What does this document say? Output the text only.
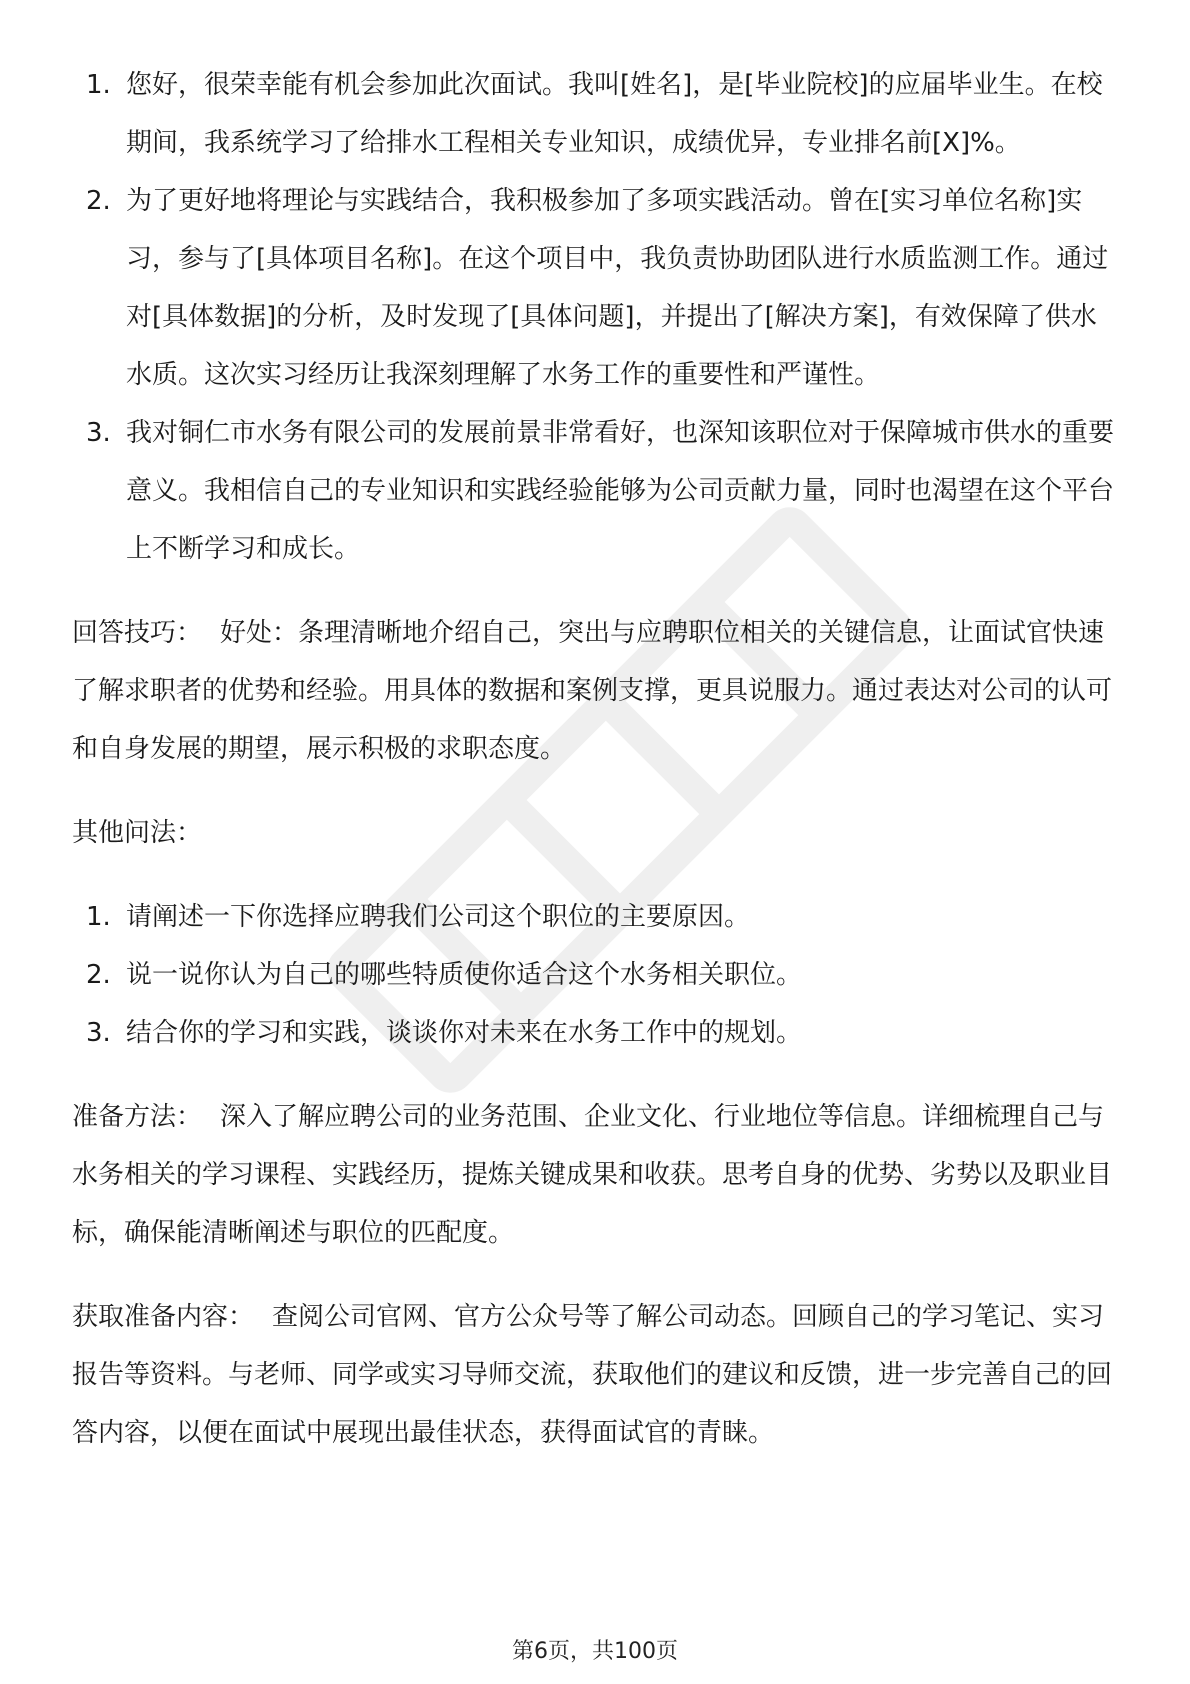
1. 您好，很荣幸能有机会参加此次面试。我叫[姓名]，是[毕业院校]的应届毕业生。在校期间，我系统学习了给排水工程相关专业知识，成绩优异，专业排名前[X]%。
2. 为了更好地将理论与实践结合，我积极参加了多项实践活动。曾在[实习单位名称]实习，参与了[具体项目名称]。在这个项目中，我负责协助团队进行水质监测工作。通过对[具体数据]的分析，及时发现了[具体问题]，并提出了[解决方案]，有效保障了供水水质。这次实习经历让我深刻理解了水务工作的重要性和严谨性。
3. 我对铜仁市水务有限公司的发展前景非常看好，也深知该职位对于保障城市供水的重要意义。我相信自己的专业知识和实践经验能够为公司贡献力量，同时也渴望在这个平台上不断学习和成长。

回答技巧： 好处：条理清晰地介绍自己，突出与应聘职位相关的关键信息，让面试官快速了解求职者的优势和经验。用具体的数据和案例支撑，更具说服力。通过表达对公司的认可和自身发展的期望，展示积极的求职态度。

其他问法：

1. 请阐述一下你选择应聘我们公司这个职位的主要原因。
2. 说一说你认为自己的哪些特质使你适合这个水务相关职位。
3. 结合你的学习和实践，谈谈你对未来在水务工作中的规划。

准备方法： 深入了解应聘公司的业务范围、企业文化、行业地位等信息。详细梳理自己与水务相关的学习课程、实践经历，提炼关键成果和收获。思考自身的优势、劣势以及职业目标，确保能清晰阐述与职位的匹配度。

获取准备内容： 查阅公司官网、官方公众号等了解公司动态。回顾自己的学习笔记、实习报告等资料。与老师、同学或实习导师交流，获取他们的建议和反馈，进一步完善自己的回答内容，以便在面试中展现出最佳状态，获得面试官的青睐。

第6页，共100页
